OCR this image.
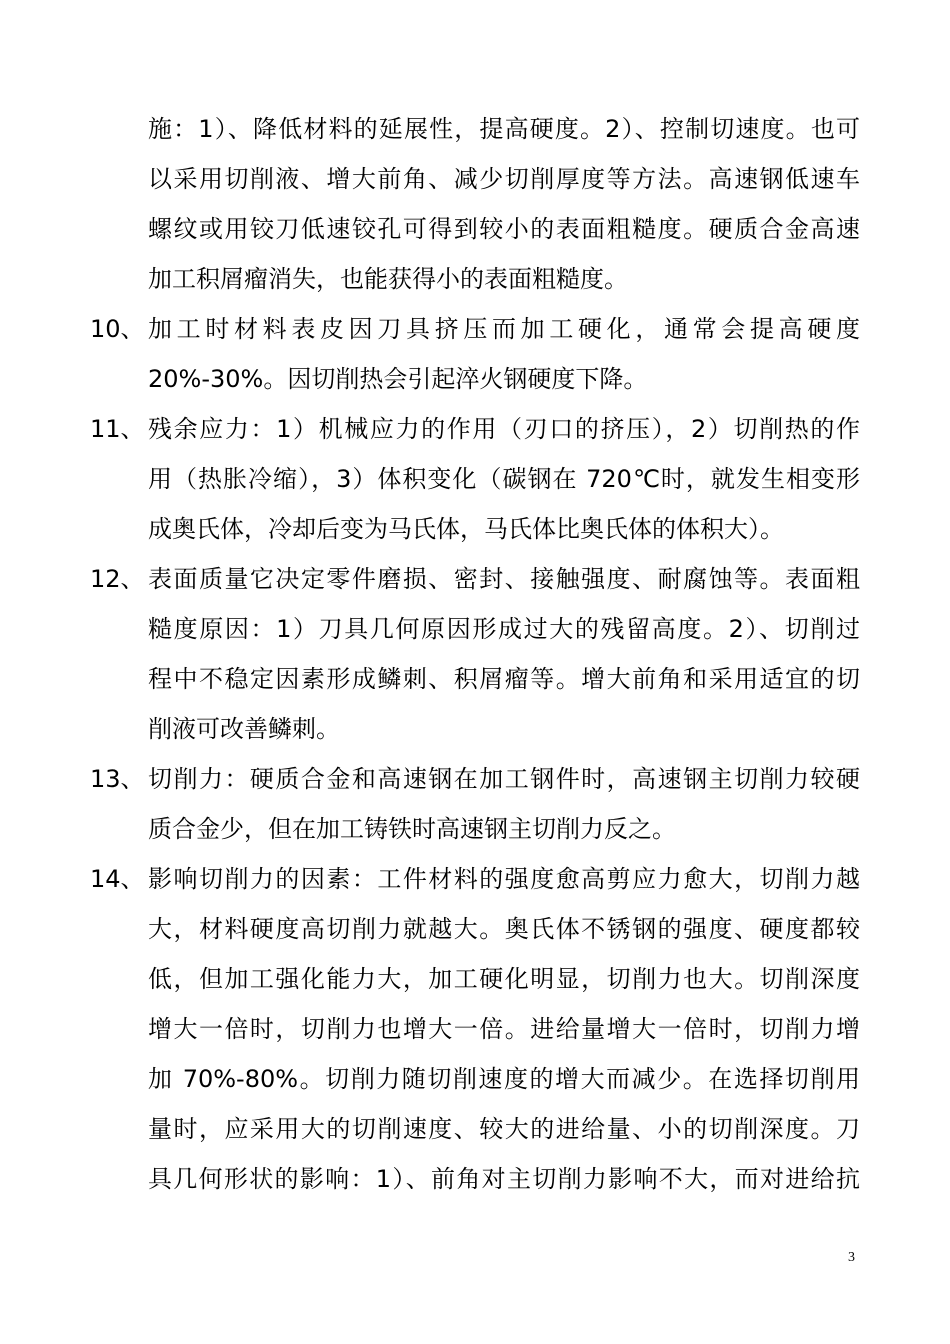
施：1）、降低材料的延展性，提高硬度。2）、控制切速度。也可
以采用切削液、增大前角、减少切削厚度等方法。高速钢低速车
螺纹或用铰刀低速铰孔可得到较小的表面粗糙度。硬质合金高速
加工积屑瘤消失，也能获得小的表面粗糙度。
10、 加工时材料表皮因刀具挤压而加工硬化，通常会提高硬度
20%-30%。因切削热会引起淬火钢硬度下降。
11、 残余应力：1）机械应力的作用（刃口的挤压），2）切削热的作
用（热胀冷缩），3）体积变化（碳钢在 720℃时，就发生相变形
成奥氏体，冷却后变为马氏体，马氏体比奥氏体的体积大）。
12、 表面质量它决定零件磨损、密封、接触强度、耐腐蚀等。表面粗
糙度原因：1）刀具几何原因形成过大的残留高度。2）、切削过
程中不稳定因素形成鳞刺、积屑瘤等。增大前角和采用适宜的切
削液可改善鳞刺。
13、 切削力：硬质合金和高速钢在加工钢件时，高速钢主切削力较硬
质合金少，但在加工铸铁时高速钢主切削力反之。
14、 影响切削力的因素：工件材料的强度愈高剪应力愈大，切削力越
大，材料硬度高切削力就越大。奥氏体不锈钢的强度、硬度都较
低，但加工强化能力大，加工硬化明显，切削力也大。切削深度
增大一倍时，切削力也增大一倍。进给量增大一倍时，切削力增
加 70%-80%。切削力随切削速度的增大而减少。在选择切削用
量时，应采用大的切削速度、较大的进给量、小的切削深度。刀
具几何形状的影响：1）、前角对主切削力影响不大，而对进给抗
3
